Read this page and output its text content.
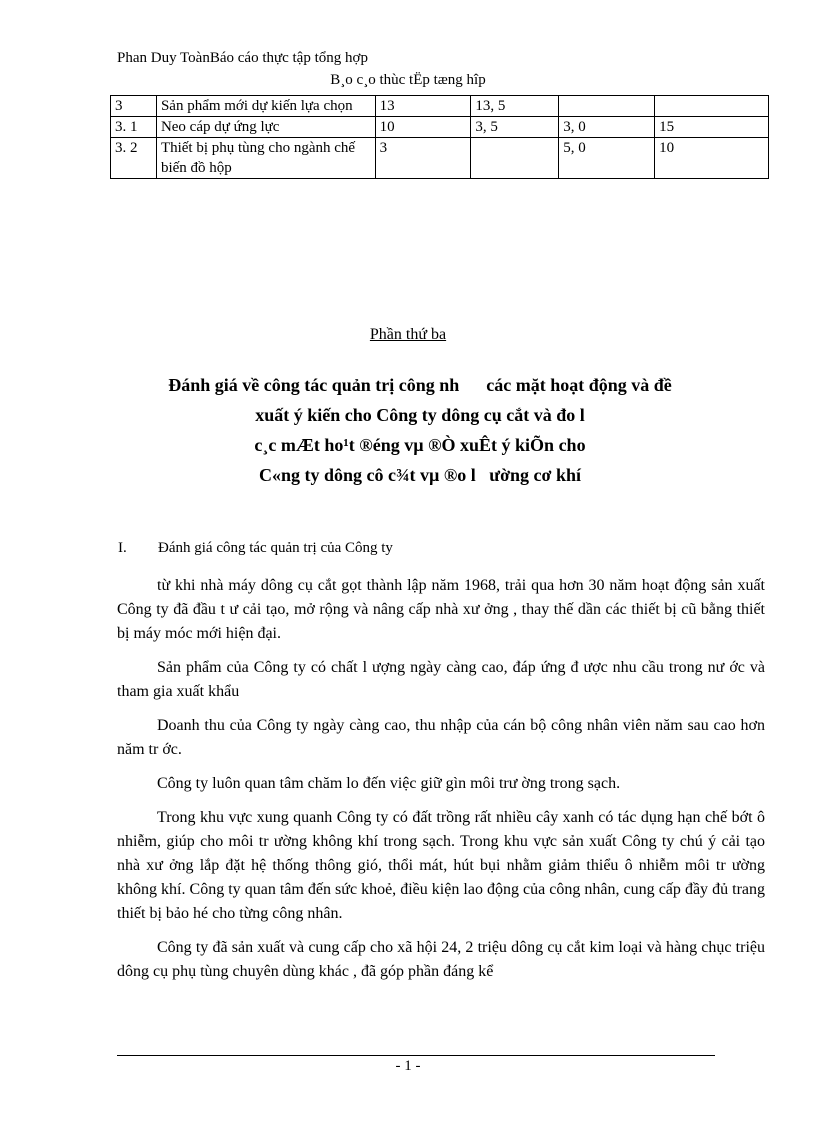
Phan Duy ToànBáo cáo thực tập tổng hợp
B¸o c¸o thùc tËp tæng hîp
3	Sản phẩm mới dự kiến lựa chọn	13	13, 5		
3. 1	Neo cáp dự ứng lực	10	3, 5	3, 0	15
3. 2	Thiết bị phụ tùng cho ngành chế biến đồ hộp	3		5, 0	10
Phần thứ ba

Đánh giá về công tác quản trị công nh      các mặt hoạt động và đề

xuất ý kiến cho Công ty dông cụ cắt và đo l

c¸c mÆt ho¹t ®éng vµ ®Ò xuÊt ý kiÕn cho

C«ng ty dông cô c¾t vµ ®o l   ường cơ khí

I. Đánh giá công tác quản trị của Công ty

từ khi nhà máy dông cụ cắt gọt thành lập năm 1968, trải qua hơn 30 năm hoạt động sản xuất Công ty đã đầu t ư cải tạo, mở rộng và nâng cấp nhà xư ởng , thay thế dần các thiết bị cũ bằng thiết bị máy móc mới hiện đại.

Sản phẩm của Công ty có chất l ượng ngày càng cao, đáp ứng đ ược nhu cầu trong nư ớc và tham gia xuất khẩu

Doanh thu của Công ty ngày càng cao, thu nhập của cán bộ công nhân viên năm sau cao hơn năm tr ớc.

Công ty luôn quan tâm chăm lo đến việc giữ gìn môi trư ờng trong sạch.

Trong khu vực xung quanh Công ty có đất trồng rất nhiều cây xanh có tác dụng hạn chế bớt ô nhiễm, giúp cho môi tr ường không khí trong sạch. Trong khu vực sản xuất Công ty chú ý cải tạo nhà xư ởng lắp đặt hệ thống thông gió, thổi mát, hút bụi nhằm giảm thiểu ô nhiễm môi tr ường không khí. Công ty quan tâm đến sức khoẻ, điều kiện lao động của công nhân, cung cấp đầy đủ trang thiết bị bảo hé cho từng công nhân.

Công ty đã sản xuất và cung cấp cho xã hội 24, 2 triệu dông cụ cắt kim loại và hàng chục triệu dông cụ phụ tùng chuyên dùng khác , đã góp phần đáng kể

- 1 -
